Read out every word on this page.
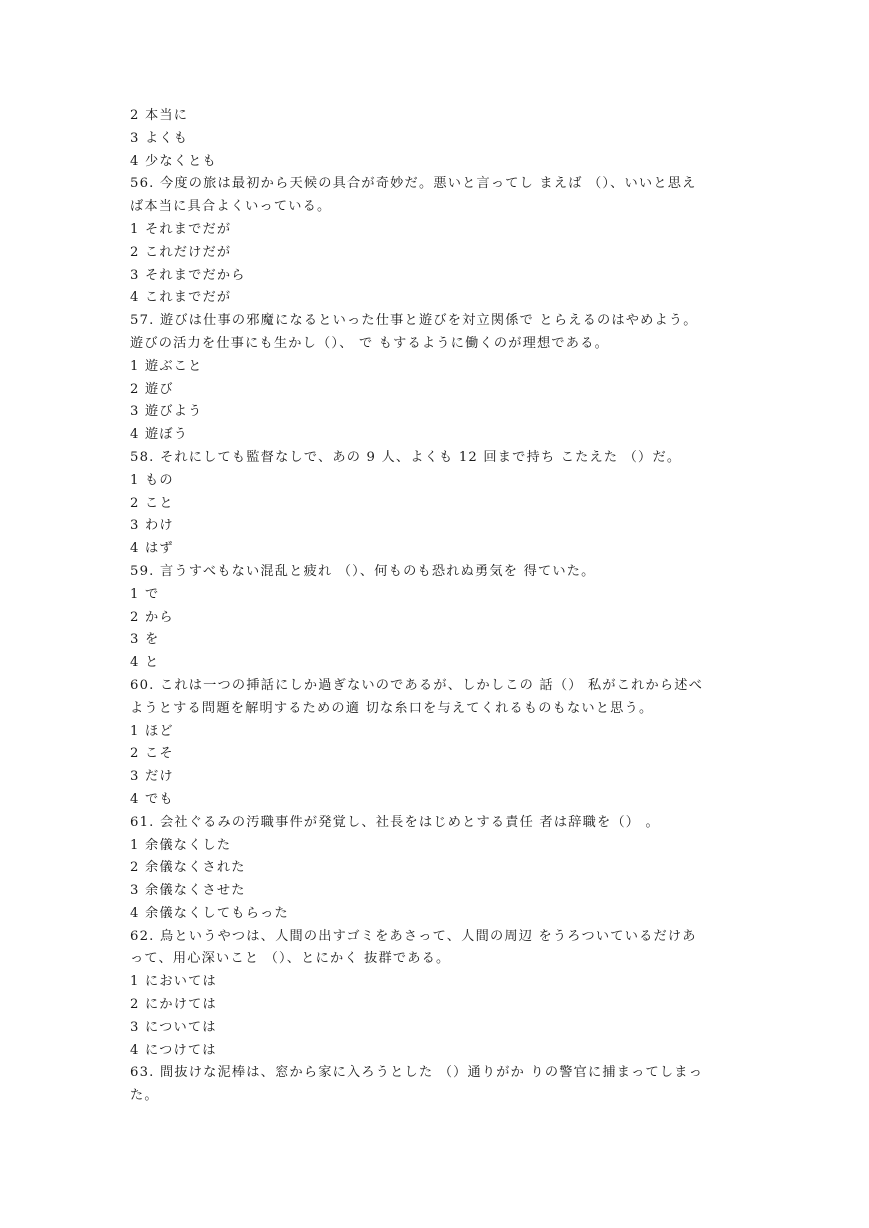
2 本当に
3 よくも
4 少なくとも
56. 今度の旅は最初から天候の具合が奇妙だ。悪いと言ってし まえば （）、いいと思え
ば本当に具合よくいっている。
1 それまでだが
2 これだけだが
3 それまでだから
4 これまでだが
57. 遊びは仕事の邪魔になるといった仕事と遊びを対立関係で とらえるのはやめよう。
遊びの活力を仕事にも生かし（）、 で もするように働くのが理想である。
1 遊ぶこと
2 遊び
3 遊びよう
4 遊ぼう
58. それにしても監督なしで、あの 9 人、よくも 12 回まで持ち こたえた （）だ。
1 もの
2 こと
3 わけ
4 はず
59. 言うすべもない混乱と疲れ （）、何ものも恐れぬ勇気を 得ていた。
1 で
2 から
3 を
4 と
60. これは一つの挿話にしか過ぎないのであるが、しかしこの 話（） 私がこれから述べ
ようとする問題を解明するための適 切な糸口を与えてくれるものもないと思う。
1 ほど
2 こそ
3 だけ
4 でも
61. 会社ぐるみの汚職事件が発覚し、社長をはじめとする責任 者は辞職を（） 。
1 余儀なくした
2 余儀なくされた
3 余儀なくさせた
4 余儀なくしてもらった
62. 烏というやつは、人間の出すゴミをあさって、人間の周辺 をうろついているだけあ
って、用心深いこと （）、とにかく 抜群である。
1 においては
2 にかけては
3 については
4 につけては
63. 間抜けな泥棒は、窓から家に入ろうとした （）通りがか りの警官に捕まってしまっ
た。
